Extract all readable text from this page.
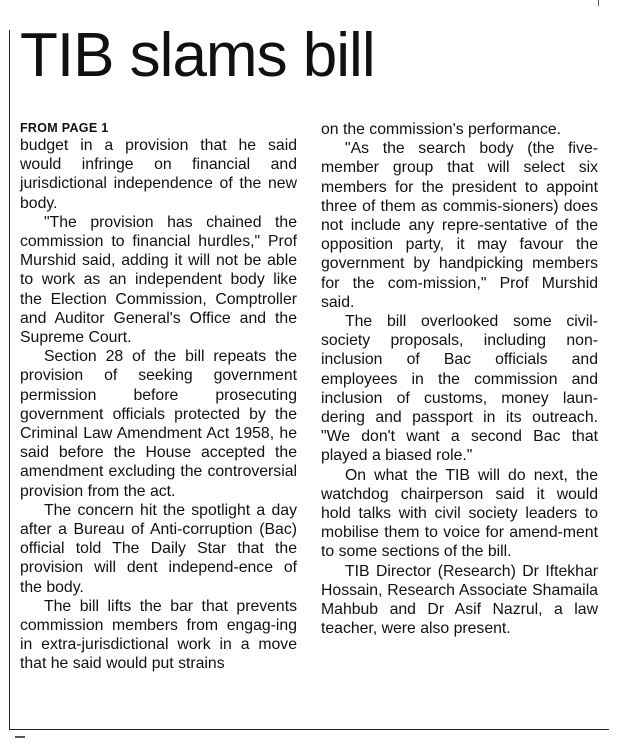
TIB slams bill

FROM PAGE 1

budget in a provision that he said would infringe on financial and jurisdictional independence of the new body.

"The provision has chained the commission to financial hurdles," Prof Murshid said, adding it will not be able to work as an independent body like the Election Commission, Comptroller and Auditor General's Office and the Supreme Court.

Section 28 of the bill repeats the provision of seeking government permission before prosecuting government officials protected by the Criminal Law Amendment Act 1958, he said before the House accepted the amendment excluding the controversial provision from the act.

The concern hit the spotlight a day after a Bureau of Anti-corruption (Bac) official told The Daily Star that the provision will dent independ-ence of the body.

The bill lifts the bar that prevents commission members from engag-ing in extra-jurisdictional work in a move that he said would put strains

on the commission's performance.

"As the search body (the five-member group that will select six members for the president to appoint three of them as commis-sioners) does not include any repre-sentative of the opposition party, it may favour the government by handpicking members for the com-mission," Prof Murshid said.

The bill overlooked some civil-society proposals, including non-inclusion of Bac officials and employees in the commission and inclusion of customs, money laun-dering and passport in its outreach. "We don't want a second Bac that played a biased role."

On what the TIB will do next, the watchdog chairperson said it would hold talks with civil society leaders to mobilise them to voice for amend-ment to some sections of the bill.

TIB Director (Research) Dr Iftekhar Hossain, Research Associate Shamaila Mahbub and Dr Asif Nazrul, a law teacher, were also present.
